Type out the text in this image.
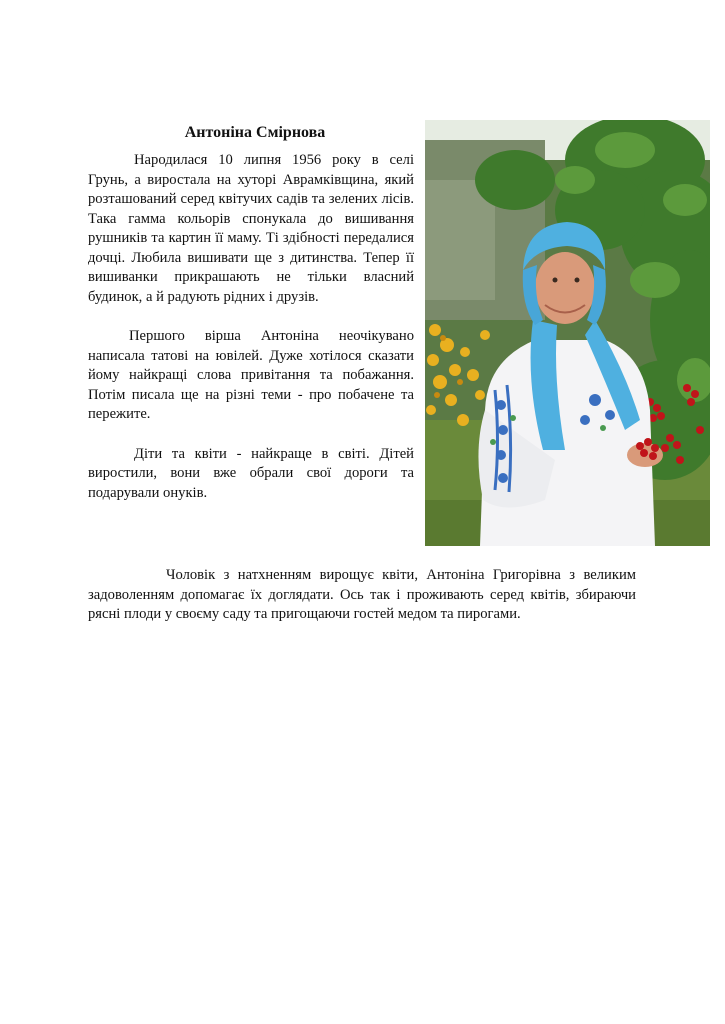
Антоніна Смірнова

Народилася 10 липня 1956 року в селі Грунь, а виростала на хуторі Аврамківщина, який розташований серед квітучих садів та зелених лісів. Така гамма кольорів спонукала до вишивання рушників та картин її маму. Ті здібності передалися дочці. Любила вишивати ще з дитинства. Тепер її вишиванки прикрашають не тільки власний будинок, а й радують рідних і друзів.

Першого вірша Антоніна неочікувано написала татові на ювілей. Дуже хотілося сказати йому найкращі слова привітання та побажання. Потім писала ще на різні теми - про побачене та пережите.

Діти та квіти - найкраще в світі. Дітей виростили, вони вже обрали свої дороги та подарували онуків.

Чоловік з натхненням вирощує квіти, Антоніна Григорівна з великим задоволенням допомагає їх доглядати. Ось так і проживають серед квітів, збираючи рясні плоди у своєму саду та пригощаючи гостей медом та пирогами.
